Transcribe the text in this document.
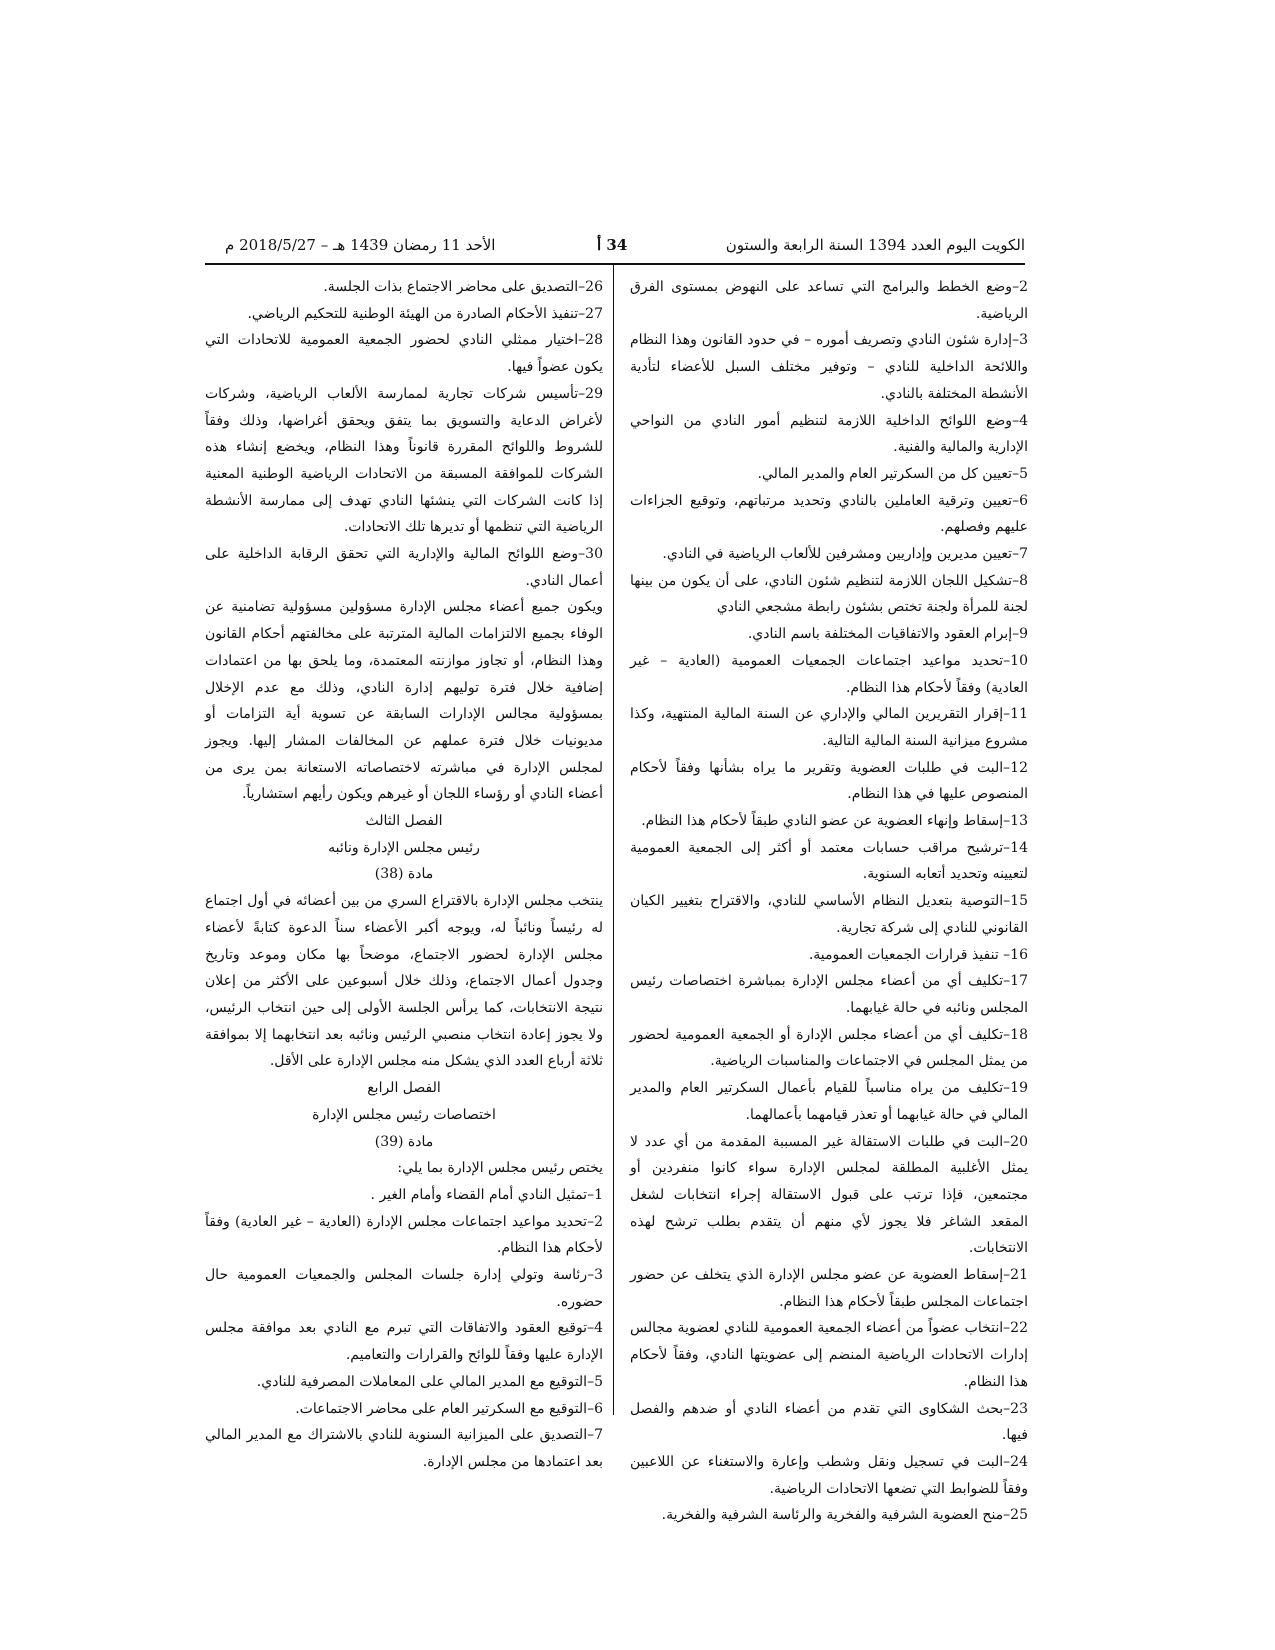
الكويت اليوم العدد 1394 السنة الرابعة والستون
34 أ
الأحد 11 رمضان 1439 هـ – 2018/5/27 م

2–وضع الخطط والبرامج التي تساعد على النهوض بمستوى الفرق الرياضية.

3–إدارة شئون النادي وتصريف أموره – في حدود القانون وهذا النظام واللائحة الداخلية للنادي – وتوفير مختلف السبل للأعضاء لتأدية الأنشطة المختلفة بالنادي.

4–وضع اللوائح الداخلية اللازمة لتنظيم أمور النادي من النواحي الإدارية والمالية والفنية.

5–تعيين كل من السكرتير العام والمدير المالي.

6–تعيين وترقية العاملين بالنادي وتحديد مرتباتهم، وتوقيع الجزاءات عليهم وفصلهم.

7–تعيين مديرين وإداريين ومشرفين للألعاب الرياضية في النادي.

8–تشكيل اللجان اللازمة لتنظيم شئون النادي، على أن يكون من بينها لجنة للمرأة ولجنة تختص بشئون رابطة مشجعي النادي

9–إبرام العقود والاتفاقيات المختلفة باسم النادي.

10–تحديد مواعيد اجتماعات الجمعيات العمومية (العادية – غير العادية) وفقاً لأحكام هذا النظام.

11–إقرار التقريرين المالي والإداري عن السنة المالية المنتهية، وكذا مشروع ميزانية السنة المالية التالية.

12–البت في طلبات العضوية وتقرير ما يراه بشأنها وفقاً لأحكام المنصوص عليها في هذا النظام.

13–إسقاط وإنهاء العضوية عن عضو النادي طبقاً لأحكام هذا النظام.

14–ترشيح مراقب حسابات معتمد أو أكثر إلى الجمعية العمومية لتعيينه وتحديد أتعابه السنوية.

15–التوصية بتعديل النظام الأساسي للنادي، والاقتراح بتغيير الكيان القانوني للنادي إلى شركة تجارية.

16– تنفيذ قرارات الجمعيات العمومية.

17–تكليف أي من أعضاء مجلس الإدارة بمباشرة اختصاصات رئيس المجلس ونائبه في حالة غيابهما.

18–تكليف أي من أعضاء مجلس الإدارة أو الجمعية العمومية لحضور من يمثل المجلس في الاجتماعات والمناسبات الرياضية.

19–تكليف من يراه مناسباً للقيام بأعمال السكرتير العام والمدير المالي في حالة غيابهما أو تعذر قيامهما بأعمالهما.

20–البت في طلبات الاستقالة غير المسببة المقدمة من أي عدد لا يمثل الأغلبية المطلقة لمجلس الإدارة سواء كانوا منفردين أو مجتمعين، فإذا ترتب على قبول الاستقالة إجراء انتخابات لشغل المقعد الشاغر فلا يجوز لأي منهم أن يتقدم بطلب ترشح لهذه الانتخابات.

21–إسقاط العضوية عن عضو مجلس الإدارة الذي يتخلف عن حضور اجتماعات المجلس طبقاً لأحكام هذا النظام.

22–انتخاب عضواً من أعضاء الجمعية العمومية للنادي لعضوية مجالس إدارات الاتحادات الرياضية المنضم إلى عضويتها النادي، وفقاً لأحكام هذا النظام.

23–بحث الشكاوى التي تقدم من أعضاء النادي أو ضدهم والفصل فيها.

24–البت في تسجيل ونقل وشطب وإعارة والاستغناء عن اللاعبين وفقاً للضوابط التي تضعها الاتحادات الرياضية.

25–منح العضوية الشرفية والفخرية والرئاسة الشرفية والفخرية.

26–التصديق على محاضر الاجتماع بذات الجلسة.

27–تنفيذ الأحكام الصادرة من الهيئة الوطنية للتحكيم الرياضي.

28–اختيار ممثلي النادي لحضور الجمعية العمومية للاتحادات التي يكون عضواً فيها.

29–تأسيس شركات تجارية لممارسة الألعاب الرياضية، وشركات لأغراض الدعاية والتسويق بما يتفق ويحقق أغراضها، وذلك وفقاً للشروط واللوائح المقررة قانوناً وهذا النظام، ويخضع إنشاء هذه الشركات للموافقة المسبقة من الاتحادات الرياضية الوطنية المعنية إذا كانت الشركات التي ينشئها النادي تهدف إلى ممارسة الأنشطة الرياضية التي تنظمها أو تديرها تلك الاتحادات.

30–وضع اللوائح المالية والإدارية التي تحقق الرقابة الداخلية على أعمال النادي.

ويكون جميع أعضاء مجلس الإدارة مسؤولين مسؤولية تضامنية عن الوفاء بجميع الالتزامات المالية المترتبة على مخالفتهم أحكام القانون وهذا النظام، أو تجاوز موازنته المعتمدة، وما يلحق بها من اعتمادات إضافية خلال فترة توليهم إدارة النادي، وذلك مع عدم الإخلال بمسؤولية مجالس الإدارات السابقة عن تسوية أية التزامات أو مديونيات خلال فترة عملهم عن المخالفات المشار إليها. ويجوز لمجلس الإدارة في مباشرته لاختصاصاته الاستعانة بمن يرى من أعضاء النادي أو رؤساء اللجان أو غيرهم ويكون رأيهم استشارياً.

الفصل الثالث

رئيس مجلس الإدارة ونائبه

مادة (38)

ينتخب مجلس الإدارة بالاقتراع السري من بين أعضائه في أول اجتماع له رئيساً ونائباً له، ويوجه أكبر الأعضاء سناً الدعوة كتابةً لأعضاء مجلس الإدارة لحضور الاجتماع، موضحاً بها مكان وموعد وتاريخ وجدول أعمال الاجتماع، وذلك خلال أسبوعين على الأكثر من إعلان نتيجة الانتخابات، كما يرأس الجلسة الأولى إلى حين انتخاب الرئيس، ولا يجوز إعادة انتخاب منصبي الرئيس ونائبه بعد انتخابهما إلا بموافقة ثلاثة أرباع العدد الذي يشكل منه مجلس الإدارة على الأقل.

الفصل الرابع

اختصاصات رئيس مجلس الإدارة

مادة (39)

يختص رئيس مجلس الإدارة بما يلي:

1–تمثيل النادي أمام القضاء وأمام الغير .

2–تحديد مواعيد اجتماعات مجلس الإدارة (العادية – غير العادية) وفقاً لأحكام هذا النظام.

3–رئاسة وتولي إدارة جلسات المجلس والجمعيات العمومية حال حضوره.

4–توقيع العقود والاتفاقات التي تبرم مع النادي بعد موافقة مجلس الإدارة عليها وفقاً للوائح والقرارات والتعاميم.

5–التوقيع مع المدير المالي على المعاملات المصرفية للنادي.

6–التوقيع مع السكرتير العام على محاضر الاجتماعات.

7–التصديق على الميزانية السنوية للنادي بالاشتراك مع المدير المالي بعد اعتمادها من مجلس الإدارة.
